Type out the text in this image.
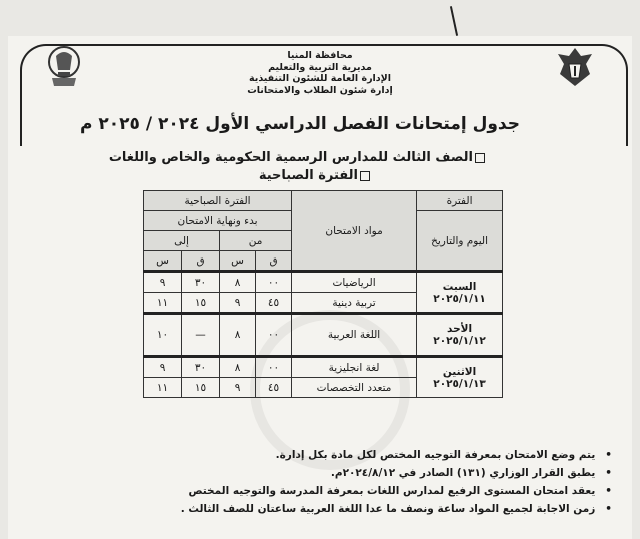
محافظة المنيا
مديرية التربية والتعليم
الإدارة العامة للشئون التنفيذية
إدارة شئون الطلاب والامتحانات
جدول إمتحانات الفصل الدراسي الأول ٢٠٢٤ / ٢٠٢٥ م
الصف الثالث للمدارس الرسمية الحكومية والخاص واللغات
الفترة الصباحية
الفترة	مواد الامتحان	الفترة الصباحية			
اليوم والتاريخ		بدء ونهاية الامتحان			
		من		إلى	
		ق	س	ق	س

السبت
٢٠٢٥/١/١١	الرياضيات	٠٠	٨	٣٠	٩
	تربية دينية	٤٥	٩	١٥	١١

الأحد
٢٠٢٥/١/١٢	اللغة العربية	٠٠	٨	—	١٠

الاثنين
٢٠٢٥/١/١٣	لغة انجليزية	٠٠	٨	٣٠	٩
	متعدد التخصصات	٤٥	٩	١٥	١١
• يتم وضع الامتحان بمعرفة التوجيه المختص لكل مادة بكل إدارة.
• يطبق القرار الوزاري (١٣١) الصادر في ٢٠٢٤/٨/١٢م.
• يعقد امتحان المستوى الرفيع لمدارس اللغات بمعرفة المدرسة والتوجيه المختص
• زمن الاجابة لجميع المواد ساعة ونصف ما عدا اللغة العربية ساعتان للصف الثالث .
